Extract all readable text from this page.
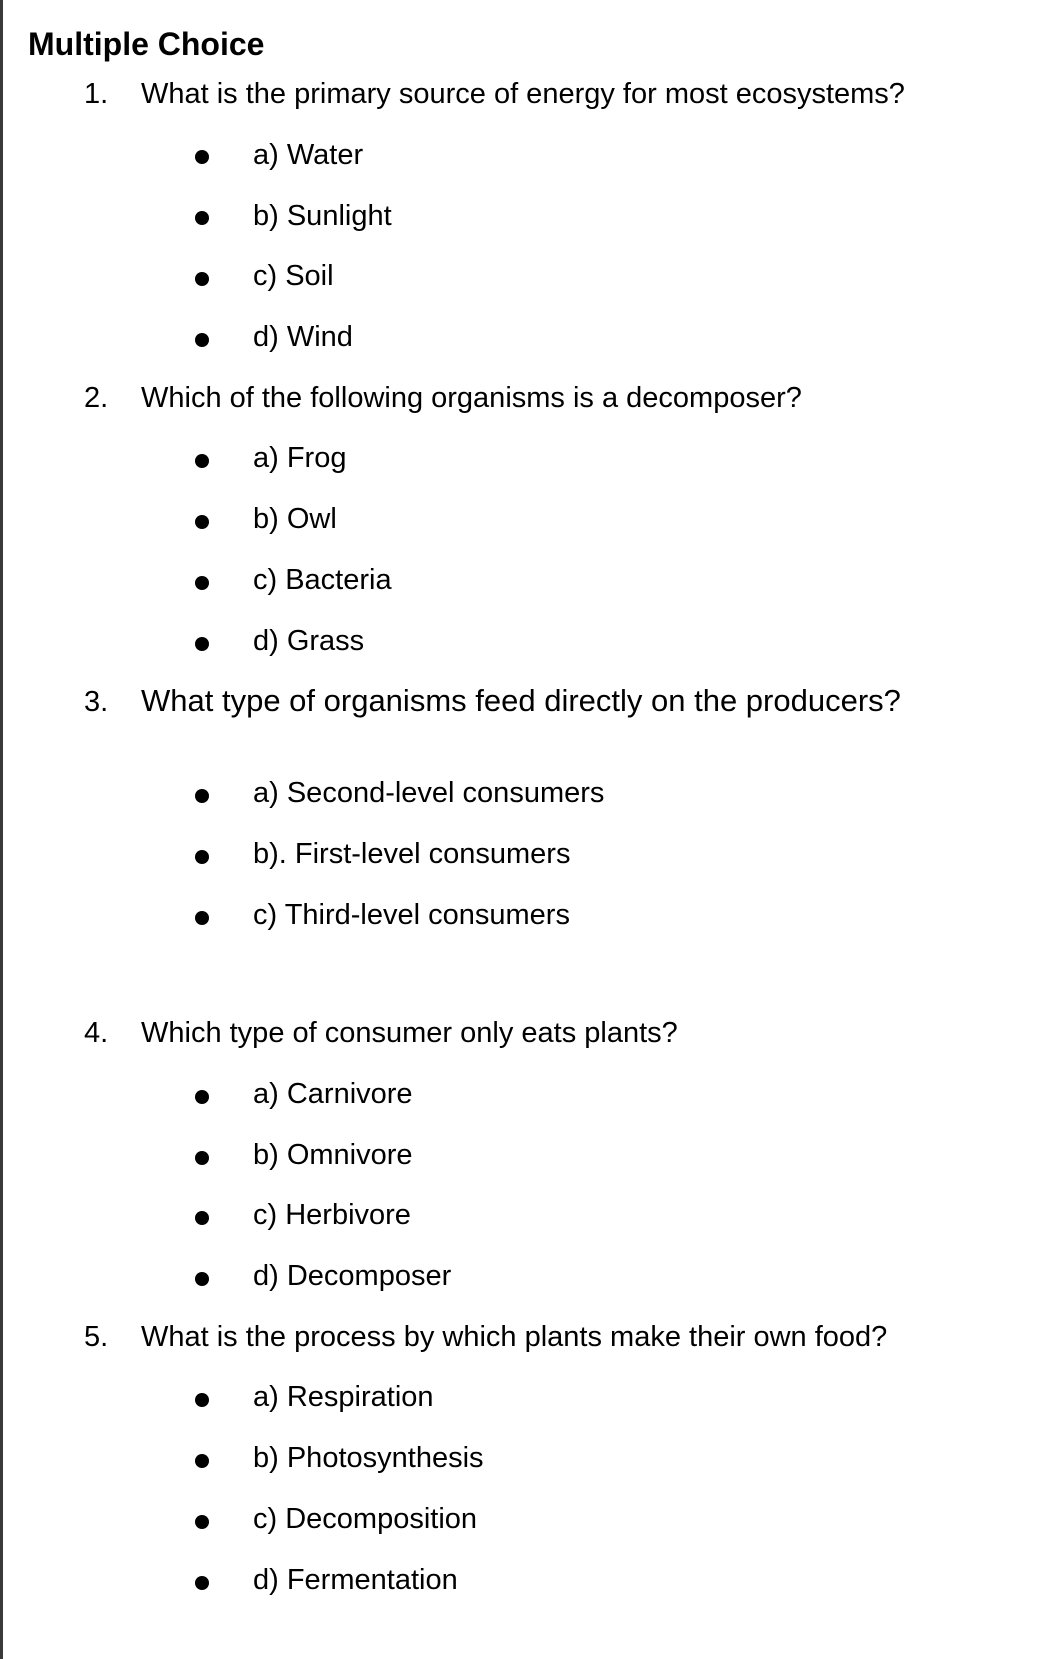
Multiple Choice
1. What is the primary source of energy for most ecosystems?
a) Water
b) Sunlight
c) Soil
d) Wind
2. Which of the following organisms is a decomposer?
a) Frog
b) Owl
c) Bacteria
d) Grass
3. What type of organisms feed directly on the producers?
a) Second-level consumers
b). First-level consumers
c) Third-level consumers
4. Which type of consumer only eats plants?
a) Carnivore
b) Omnivore
c) Herbivore
d) Decomposer
5. What is the process by which plants make their own food?
a) Respiration
b) Photosynthesis
c) Decomposition
d) Fermentation
